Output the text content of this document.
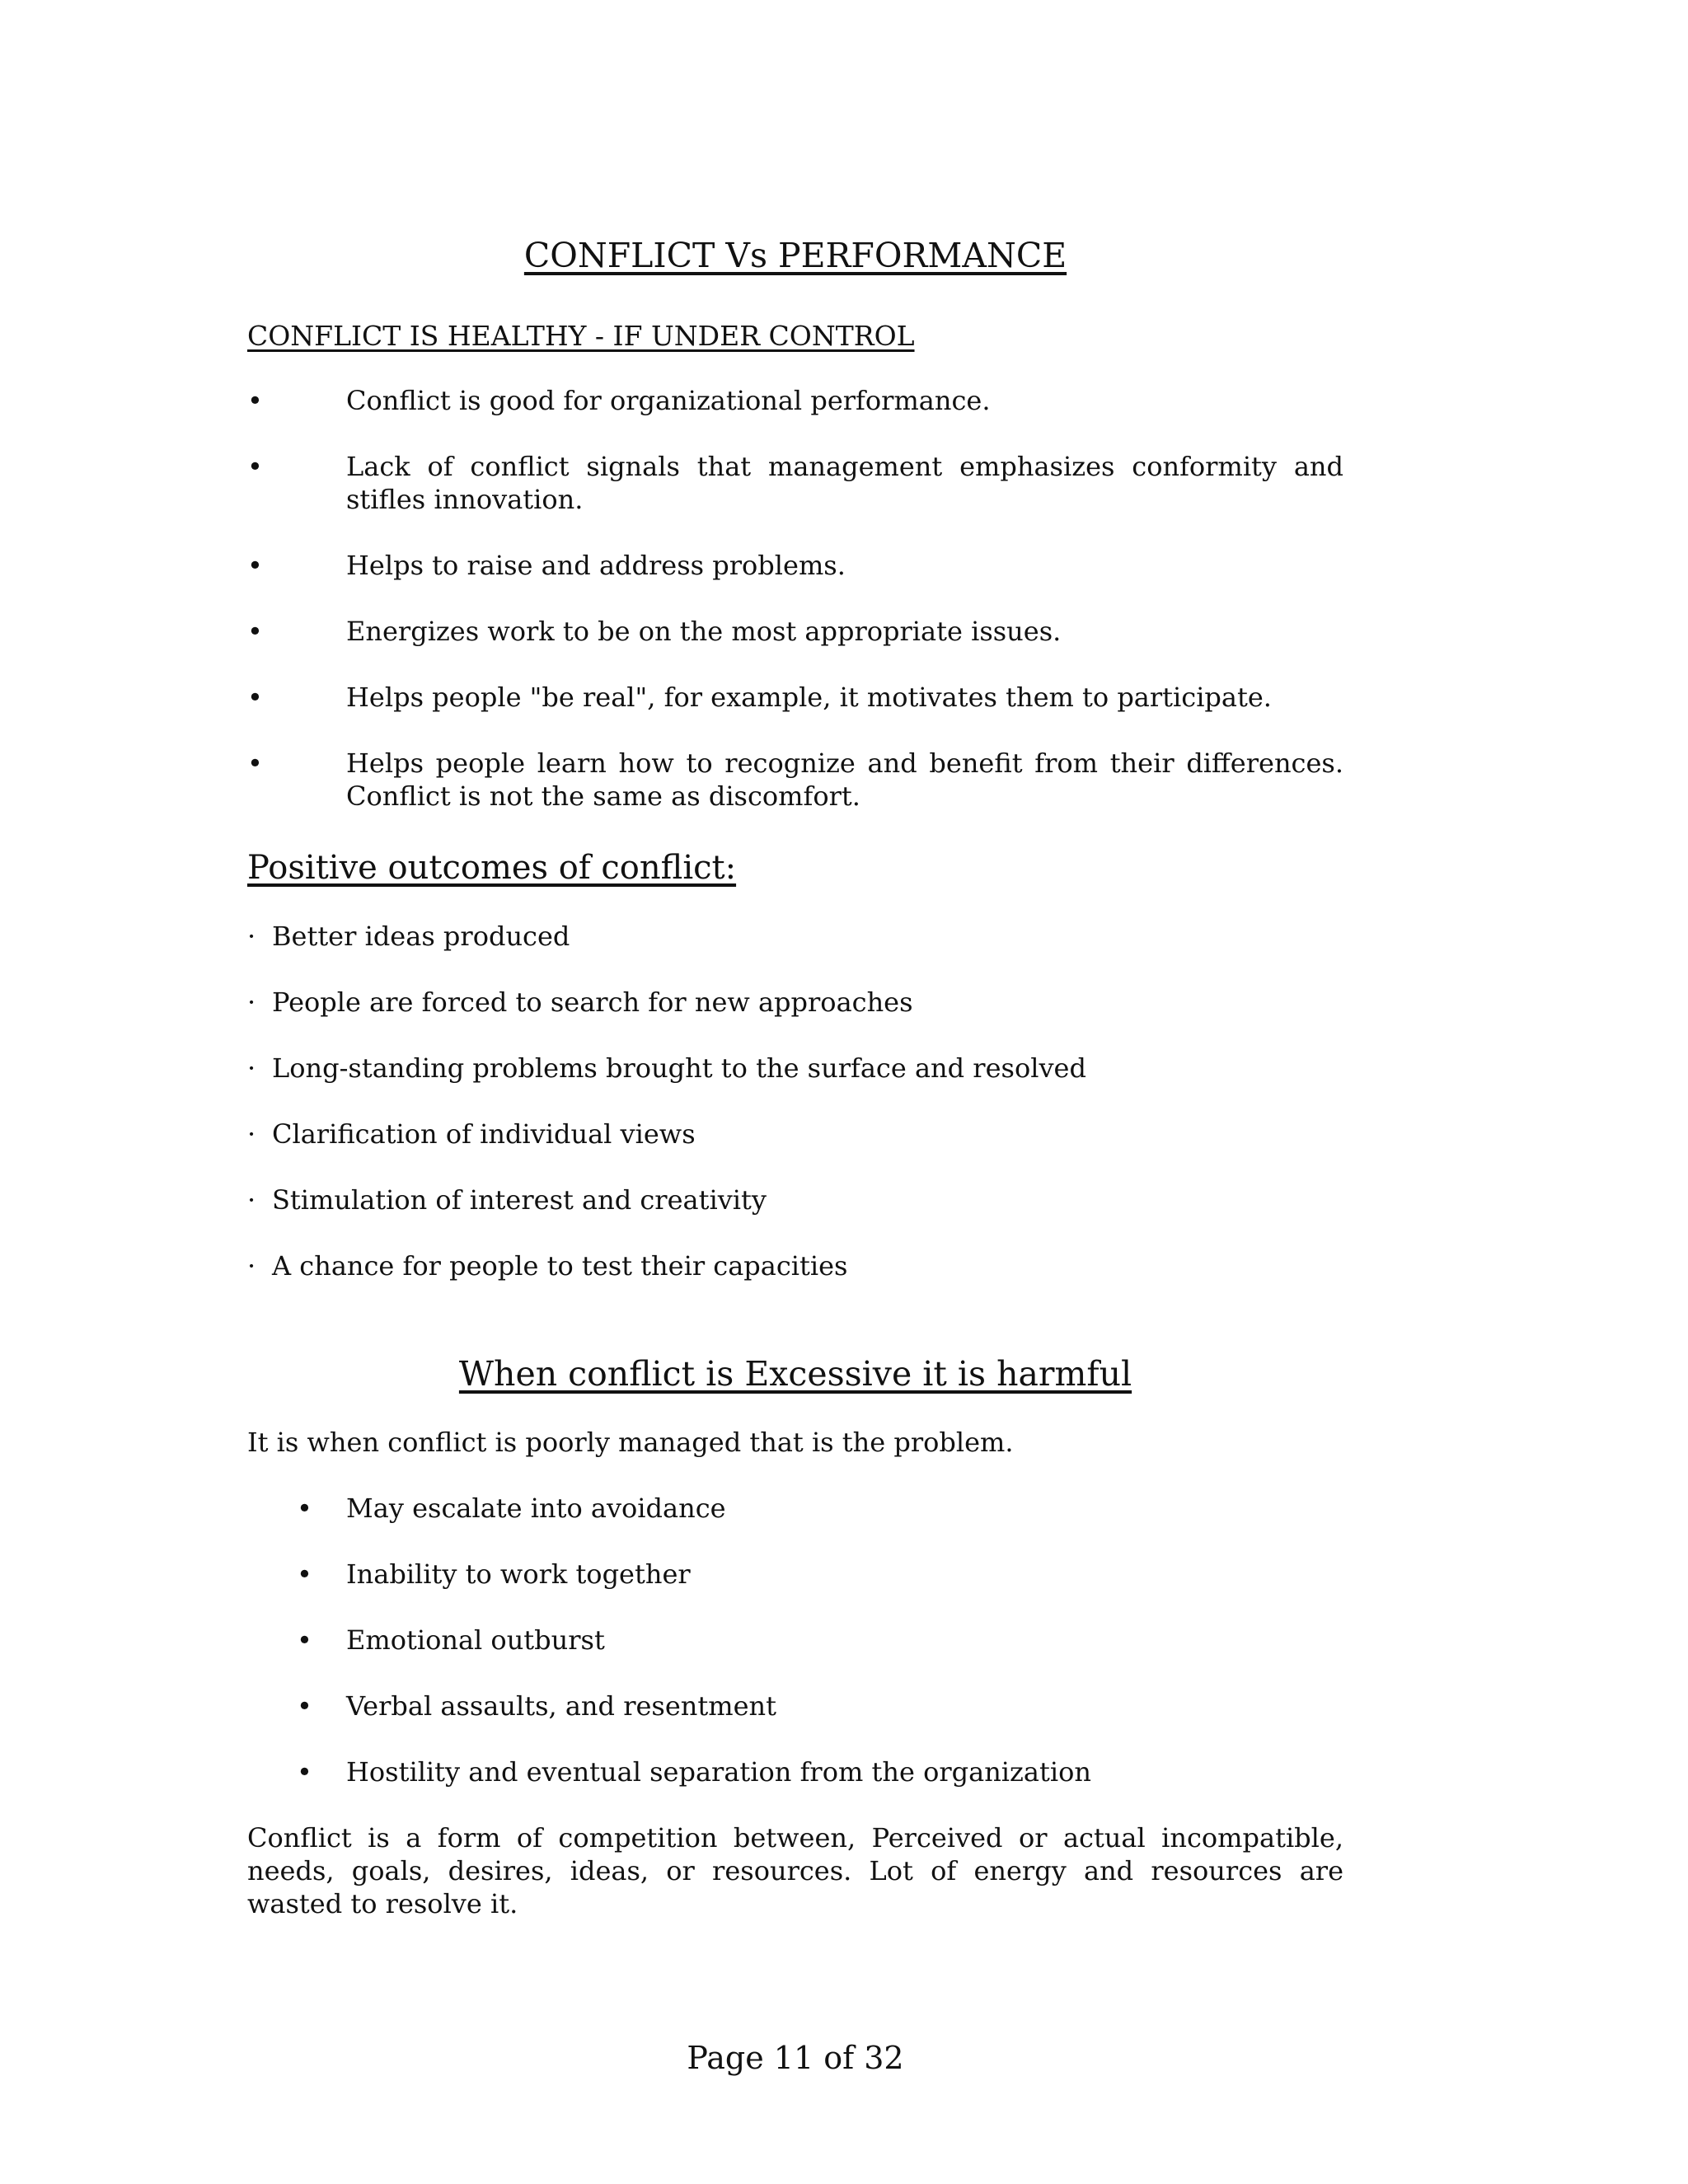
CONFLICT Vs PERFORMANCE
CONFLICT IS HEALTHY - IF UNDER CONTROL
•	Conflict is good for organizational performance.
•	Lack of conflict signals that management emphasizes conformity and stifles innovation.
•	Helps to raise and address problems.
•	Energizes work to be on the most appropriate issues.
•	Helps people "be real", for example, it motivates them to participate.
•	Helps people learn how to recognize and benefit from their differences. Conflict is not the same as discomfort.
Positive outcomes of conflict:
· Better ideas produced
· People are forced to search for new approaches
· Long-standing problems brought to the surface and resolved
· Clarification of individual views
· Stimulation of interest and creativity
· A chance for people to test their capacities
When conflict is Excessive it is harmful

It is when conflict is poorly managed that is the problem.

• May escalate into avoidance
• Inability to work together
• Emotional outburst
• Verbal assaults, and resentment
• Hostility and eventual separation from the organization

Conflict is a form of competition between, Perceived or actual incompatible, needs, goals, desires, ideas, or resources. Lot of energy and resources are wasted to resolve it.

Page 11 of 32
